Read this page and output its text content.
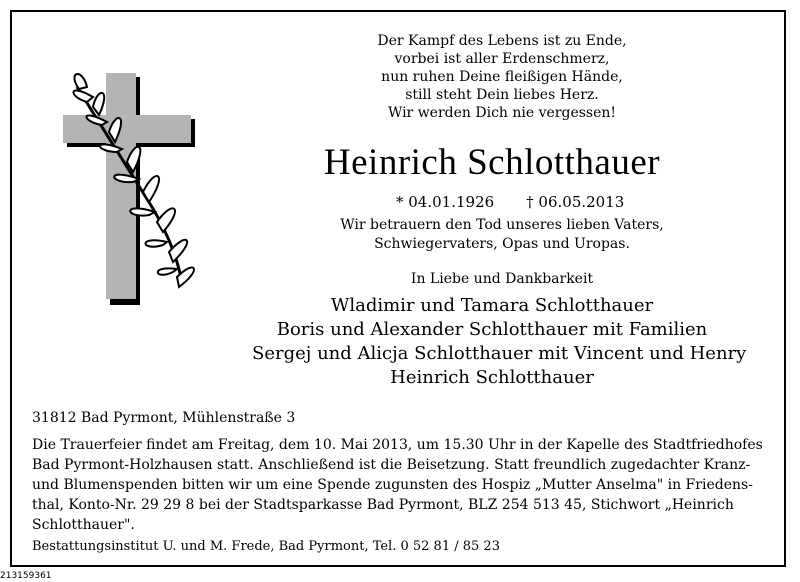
Der Kampf des Lebens ist zu Ende,
vorbei ist aller Erdenschmerz,
nun ruhen Deine fleißigen Hände,
still steht Dein liebes Herz.
Wir werden Dich nie vergessen!
Heinrich Schlotthauer
* 04.01.1926 † 06.05.2013
Wir betrauern den Tod unseres lieben Vaters,
Schwiegervaters, Opas und Uropas.
In Liebe und Dankbarkeit
Wladimir und Tamara Schlotthauer
Boris und Alexander Schlotthauer mit Familien
Sergej und Alicja Schlotthauer mit Vincent und Henry
Heinrich Schlotthauer
31812 Bad Pyrmont, Mühlenstraße 3
Die Trauerfeier findet am Freitag, dem 10. Mai 2013, um 15.30 Uhr in der Kapelle des Stadtfriedhofes
Bad Pyrmont-Holzhausen statt. Anschließend ist die Beisetzung. Statt freundlich zugedachter Kranz-
und Blumenspenden bitten wir um eine Spende zugunsten des Hospiz „Mutter Anselma" in Friedens-
thal, Konto-Nr. 29 29 8 bei der Stadtsparkasse Bad Pyrmont, BLZ 254 513 45, Stichwort „Heinrich
Schlotthauer".
Bestattungsinstitut U. und M. Frede, Bad Pyrmont, Tel. 0 52 81 / 85 23
213159361
